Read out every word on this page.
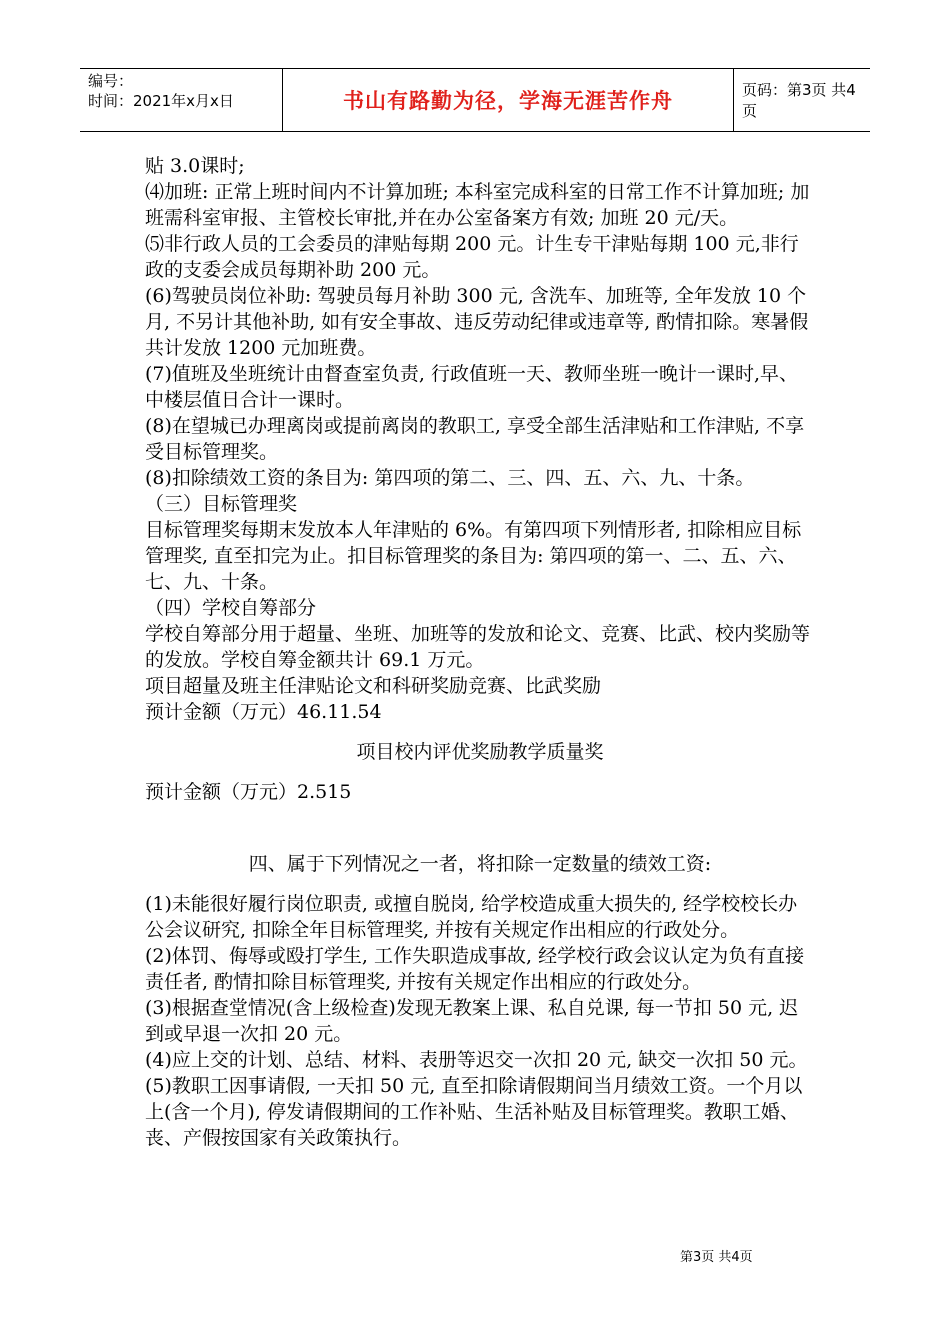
编号：
时间：2021年x月x日	书山有路勤为径，学海无涯苦作舟	页码：第3页 共4页

贴 3.0课时;

⑷加班: 正常上班时间内不计算加班; 本科室完成科室的日常工作不计算加班; 加班需科室审报、主管校长审批,并在办公室备案方有效; 加班 20 元/天。

⑸非行政人员的工会委员的津贴每期 200 元。计生专干津贴每期 100 元,非行政的支委会成员每期补助 200 元。

(6)驾驶员岗位补助: 驾驶员每月补助 300 元, 含洗车、加班等, 全年发放 10 个月, 不另计其他补助, 如有安全事故、违反劳动纪律或违章等, 酌情扣除。寒暑假共计发放 1200 元加班费。

(7)值班及坐班统计由督查室负责, 行政值班一天、教师坐班一晚计一课时,早、中楼层值日合计一课时。

(8)在望城已办理离岗或提前离岗的教职工, 享受全部生活津贴和工作津贴, 不享受目标管理奖。

(8)扣除绩效工资的条目为: 第四项的第二、三、四、五、六、九、十条。

（三）目标管理奖

目标管理奖每期末发放本人年津贴的 6%。有第四项下列情形者, 扣除相应目标管理奖, 直至扣完为止。扣目标管理奖的条目为: 第四项的第一、二、五、六、七、九、十条。

（四）学校自筹部分

学校自筹部分用于超量、坐班、加班等的发放和论文、竞赛、比武、校内奖励等的发放。学校自筹金额共计 69.1 万元。

项目超量及班主任津贴论文和科研奖励竞赛、比武奖励

预计金额（万元）46.11.54

项目校内评优奖励教学质量奖

预计金额（万元）2.515

四、属于下列情况之一者，将扣除一定数量的绩效工资:

(1)未能很好履行岗位职责, 或擅自脱岗, 给学校造成重大损失的, 经学校校长办公会议研究, 扣除全年目标管理奖, 并按有关规定作出相应的行政处分。

(2)体罚、侮辱或殴打学生, 工作失职造成事故, 经学校行政会议认定为负有直接责任者, 酌情扣除目标管理奖, 并按有关规定作出相应的行政处分。

(3)根据查堂情况(含上级检查)发现无教案上课、私自兑课, 每一节扣 50 元, 迟到或早退一次扣 20 元。

(4)应上交的计划、总结、材料、表册等迟交一次扣 20 元, 缺交一次扣 50 元。

(5)教职工因事请假, 一天扣 50 元, 直至扣除请假期间当月绩效工资。一个月以上(含一个月), 停发请假期间的工作补贴、生活补贴及目标管理奖。教职工婚、丧、产假按国家有关政策执行。

第3页 共4页
